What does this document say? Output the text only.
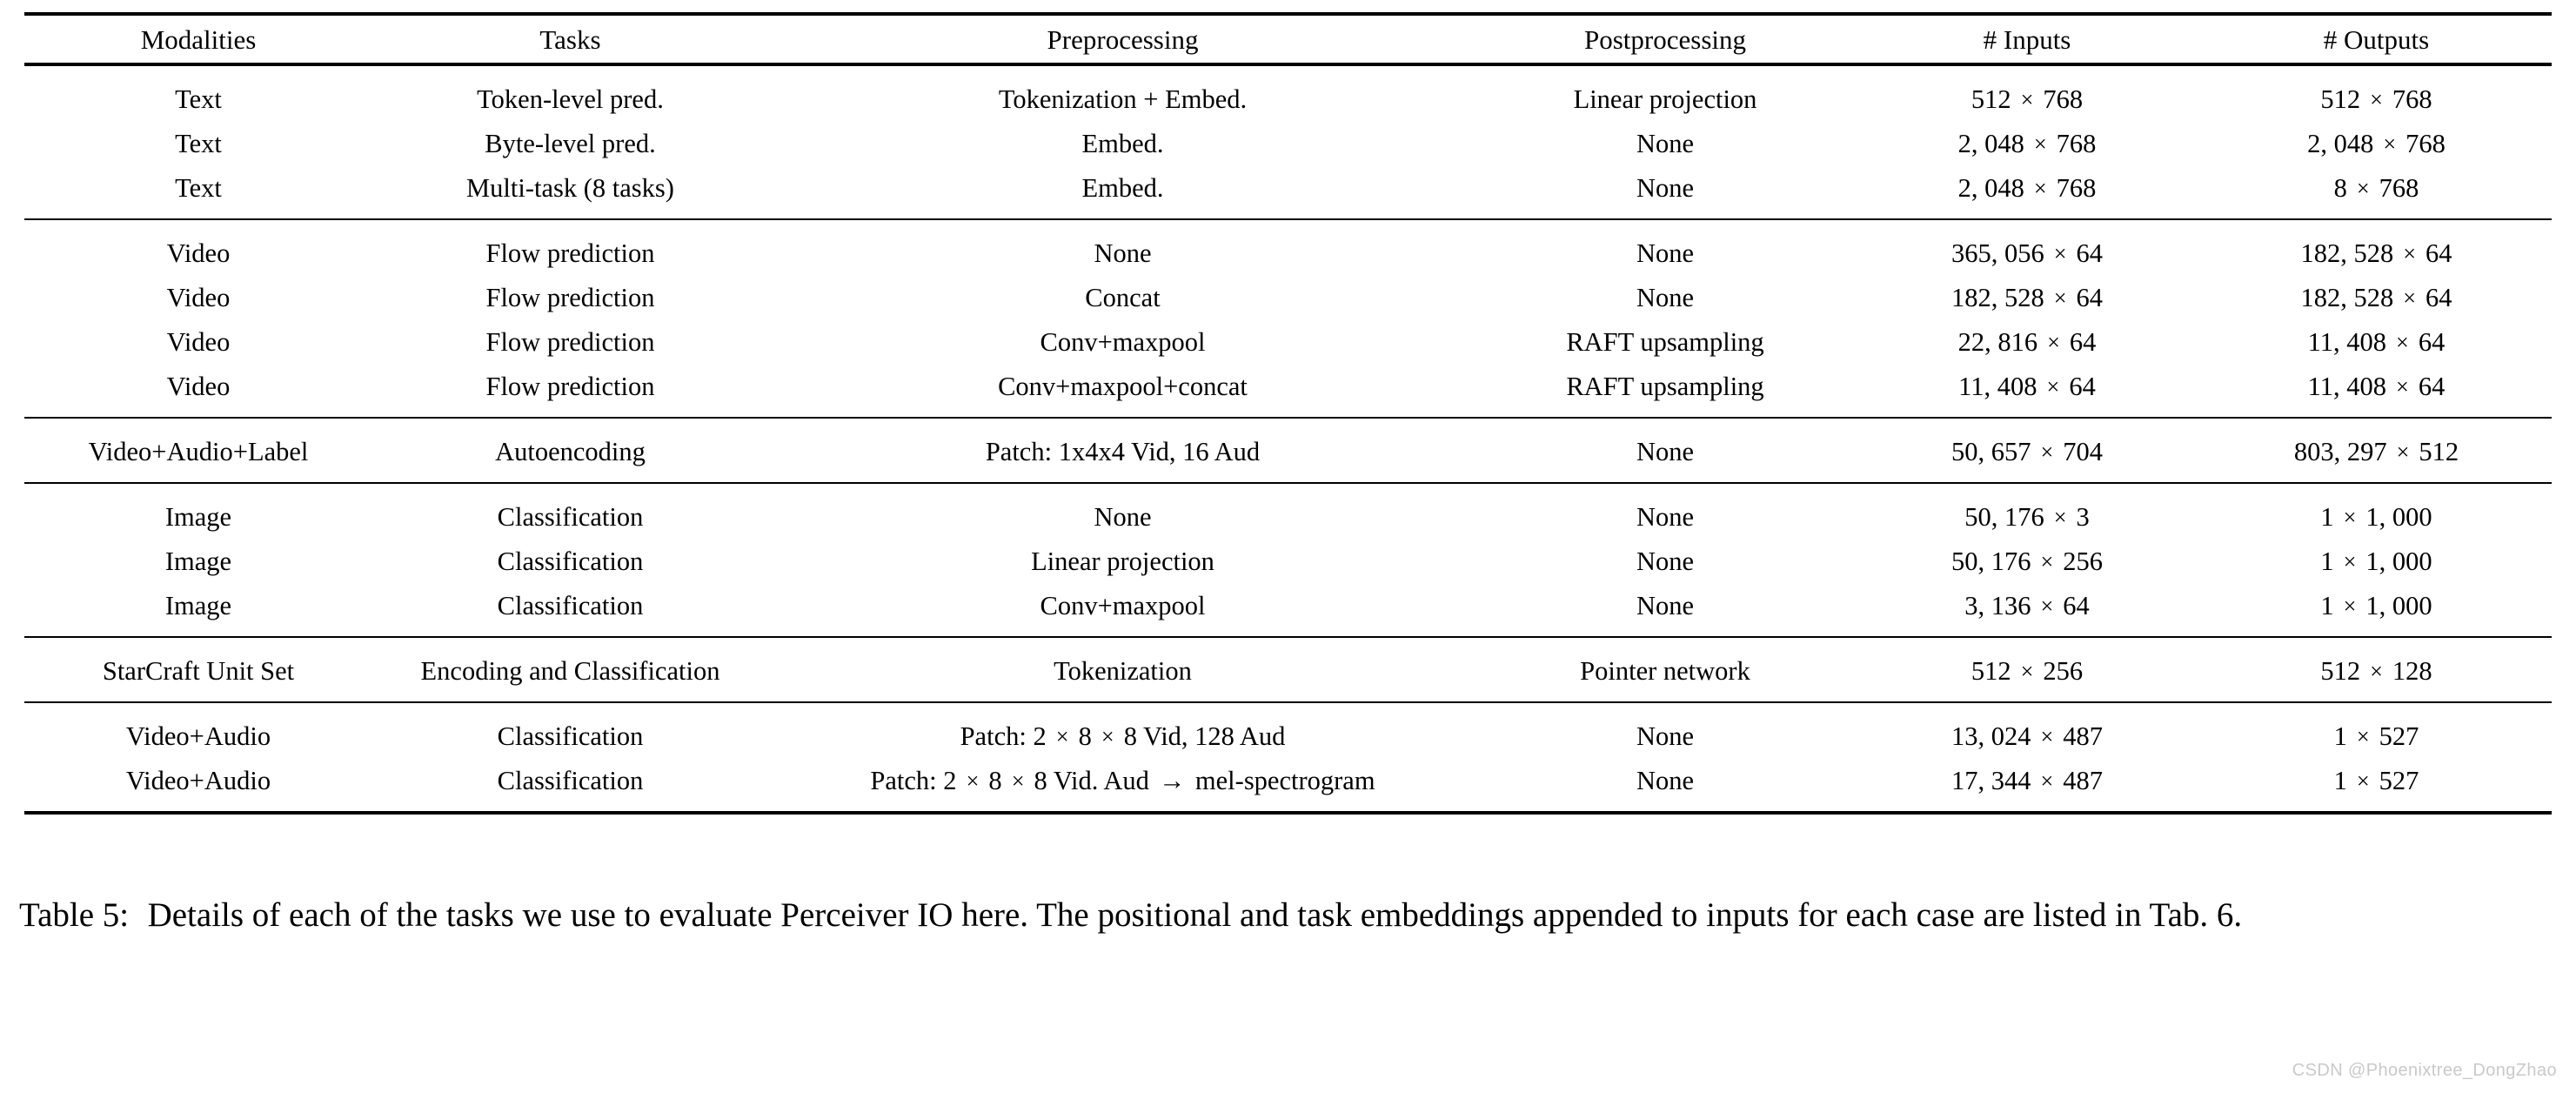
Modalities	Tasks	Preprocessing	Postprocessing	# Inputs	# Outputs

Text	Token-level pred.	Tokenization + Embed.	Linear projection	512 × 768	512 × 768
Text	Byte-level pred.	Embed.	None	2, 048 × 768	2, 048 × 768
Text	Multi-task (8 tasks)	Embed.	None	2, 048 × 768	8 × 768

Video	Flow prediction	None	None	365, 056 × 64	182, 528 × 64
Video	Flow prediction	Concat	None	182, 528 × 64	182, 528 × 64
Video	Flow prediction	Conv+maxpool	RAFT upsampling	22, 816 × 64	11, 408 × 64
Video	Flow prediction	Conv+maxpool+concat	RAFT upsampling	11, 408 × 64	11, 408 × 64

Video+Audio+Label	Autoencoding	Patch: 1x4x4 Vid, 16 Aud	None	50, 657 × 704	803, 297 × 512

Image	Classification	None	None	50, 176 × 3	1 × 1, 000
Image	Classification	Linear projection	None	50, 176 × 256	1 × 1, 000
Image	Classification	Conv+maxpool	None	3, 136 × 64	1 × 1, 000

StarCraft Unit Set	Encoding and Classification	Tokenization	Pointer network	512 × 256	512 × 128

Video+Audio	Classification	Patch: 2 × 8 × 8 Vid, 128 Aud	None	13, 024 × 487	1 × 527
Video+Audio	Classification	Patch: 2 × 8 × 8 Vid. Aud → mel-spectrogram	None	17, 344 × 487	1 × 527

Table 5: Details of each of the tasks we use to evaluate Perceiver IO here. The positional and task embeddings appended to inputs for each case are listed in Tab. 6.
CSDN @Phoenixtree_DongZhao
